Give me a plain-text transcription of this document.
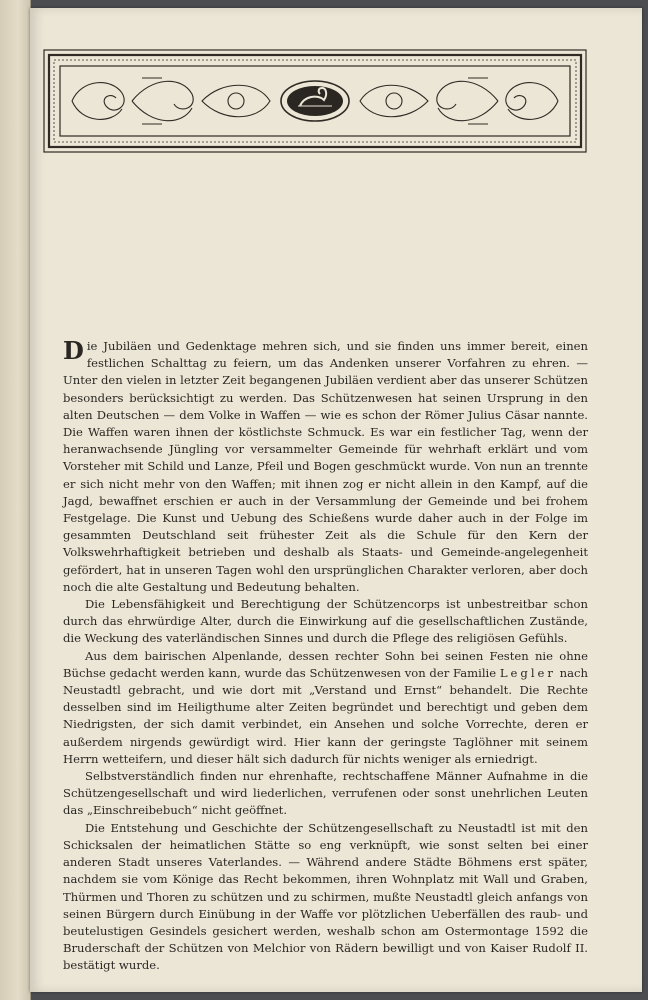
Die Jubiläen und Gedenktage mehren sich, und sie finden uns immer bereit, einen festlichen Schalttag zu feiern, um das Andenken unserer Vorfahren zu ehren. — Unter den vielen in letzter Zeit begangenen Jubiläen verdient aber das unserer Schützen besonders berücksichtigt zu werden. Das Schützenwesen hat seinen Ursprung in den alten Deutschen — dem Volke in Waffen — wie es schon der Römer Julius Cäsar nannte. Die Waffen waren ihnen der köstlichste Schmuck. Es war ein festlicher Tag, wenn der heranwachsende Jüngling vor versammelter Gemeinde für wehrhaft erklärt und vom Vorsteher mit Schild und Lanze, Pfeil und Bogen geschmückt wurde. Von nun an trennte er sich nicht mehr von den Waffen; mit ihnen zog er nicht allein in den Kampf, auf die Jagd, bewaffnet erschien er auch in der Versammlung der Gemeinde und bei frohem Festgelage. Die Kunst und Uebung des Schießens wurde daher auch in der Folge im gesammten Deutschland seit frühester Zeit als die Schule für den Kern der Volkswehrhaftigkeit betrieben und deshalb als Staats- und Gemeinde-angelegenheit gefördert, hat in unseren Tagen wohl den ursprünglichen Charakter verloren, aber doch noch die alte Gestaltung und Bedeutung behalten.

Die Lebensfähigkeit und Berechtigung der Schützencorps ist unbestreitbar schon durch das ehrwürdige Alter, durch die Einwirkung auf die gesellschaftlichen Zustände, die Weckung des vaterländischen Sinnes und durch die Pflege des religiösen Gefühls.

Aus dem bairischen Alpenlande, dessen rechter Sohn bei seinen Festen nie ohne Büchse gedacht werden kann, wurde das Schützenwesen von der Familie Legler nach Neustadtl gebracht, und wie dort mit „Verstand und Ernst“ behandelt. Die Rechte desselben sind im Heiligthume alter Zeiten begründet und berechtigt und geben dem Niedrigsten, der sich damit verbindet, ein Ansehen und solche Vorrechte, deren er außerdem nirgends gewürdigt wird. Hier kann der geringste Taglöhner mit seinem Herrn wetteifern, und dieser hält sich dadurch für nichts weniger als erniedrigt.

Selbstverständlich finden nur ehrenhafte, rechtschaffene Männer Aufnahme in die Schützengesellschaft und wird liederlichen, verrufenen oder sonst unehrlichen Leuten das „Einschreibebuch“ nicht geöffnet.

Die Entstehung und Geschichte der Schützengesellschaft zu Neustadtl ist mit den Schicksalen der heimatlichen Stätte so eng verknüpft, wie sonst selten bei einer anderen Stadt unseres Vaterlandes. — Während andere Städte Böhmens erst später, nachdem sie vom Könige das Recht bekommen, ihren Wohnplatz mit Wall und Graben, Thürmen und Thoren zu schützen und zu schirmen, mußte Neustadtl gleich anfangs von seinen Bürgern durch Einübung in der Waffe vor plötzlichen Ueberfällen des raub- und beutelustigen Gesindels gesichert werden, weshalb schon am Ostermontage 1592 die Bruderschaft der Schützen von Melchior von Rädern bewilligt und von Kaiser Rudolf II. bestätigt wurde.
